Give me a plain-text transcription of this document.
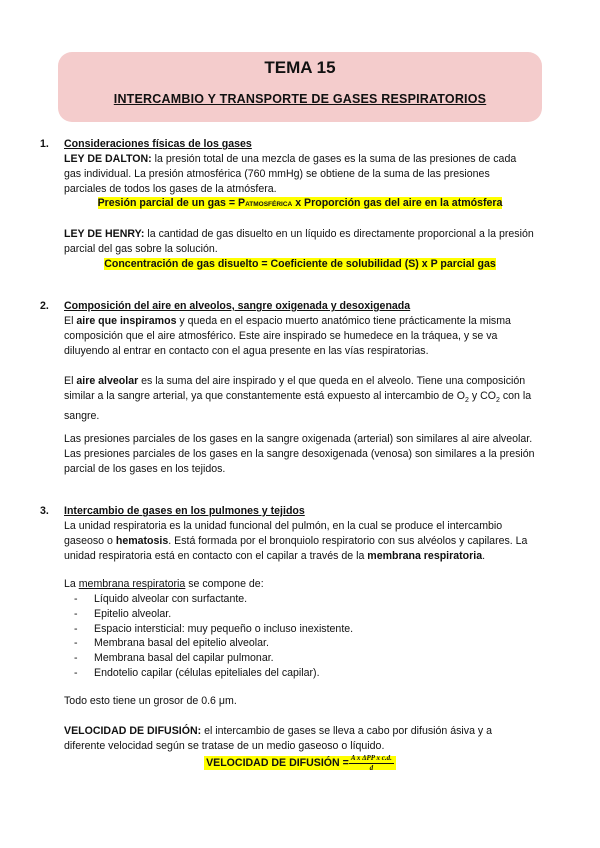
TEMA 15
INTERCAMBIO Y TRANSPORTE DE GASES RESPIRATORIOS
1. Consideraciones físicas de los gases
LEY DE DALTON: la presión total de una mezcla de gases es la suma de las presiones de cada
gas individual. La presión atmosférica (760 mmHg) se obtiene de la suma de las presiones
parciales de todos los gases de la atmósfera.
Presión parcial de un gas = PATMOSFÉRICA x Proporción gas del aire en la atmósfera
LEY DE HENRY: la cantidad de gas disuelto en un líquido es directamente proporcional a la presión
parcial del gas sobre la solución.
Concentración de gas disuelto = Coeficiente de solubilidad (S) x P parcial gas
2. Composición del aire en alveolos, sangre oxigenada y desoxigenada
El aire que inspiramos y queda en el espacio muerto anatómico tiene prácticamente la misma
composición que el aire atmosférico. Este aire inspirado se humedece en la tráquea, y se va
diluyendo al entrar en contacto con el agua presente en las vías respiratorias.
El aire alveolar es la suma del aire inspirado y el que queda en el alveolo. Tiene una composición
similar a la sangre arterial, ya que constantemente está expuesto al intercambio de $O_2$ y $CO_2$ con la
sangre.
Las presiones parciales de los gases en la sangre oxigenada (arterial) son similares al aire alveolar.
Las presiones parciales de los gases en la sangre desoxigenada (venosa) son similares a la presión
parcial de los gases en los tejidos.
3. Intercambio de gases en los pulmones y tejidos
La unidad respiratoria es la unidad funcional del pulmón, en la cual se produce el intercambio
gaseoso o hematosis. Está formada por el bronquiolo respiratorio con sus alvéolos y capilares. La
unidad respiratoria está en contacto con el capilar a través de la membrana respiratoria.
La membrana respiratoria se compone de:
- Líquido alveolar con surfactante.
- Epitelio alveolar.
- Espacio intersticial: muy pequeño o incluso inexistente.
- Membrana basal del epitelio alveolar.
- Membrana basal del capilar pulmonar.
- Endotelio capilar (células epiteliales del capilar).
Todo esto tiene un grosor de 0.6 μm.
VELOCIDAD DE DIFUSIÓN: el intercambio de gases se lleva a cabo por difusión ásiva y a
diferente velocidad según se tratase de un medio gaseoso o líquido.
VELOCIDAD DE DIFUSIÓN = $\frac{\text{A x ΔPP x c.d.}}{d}$
